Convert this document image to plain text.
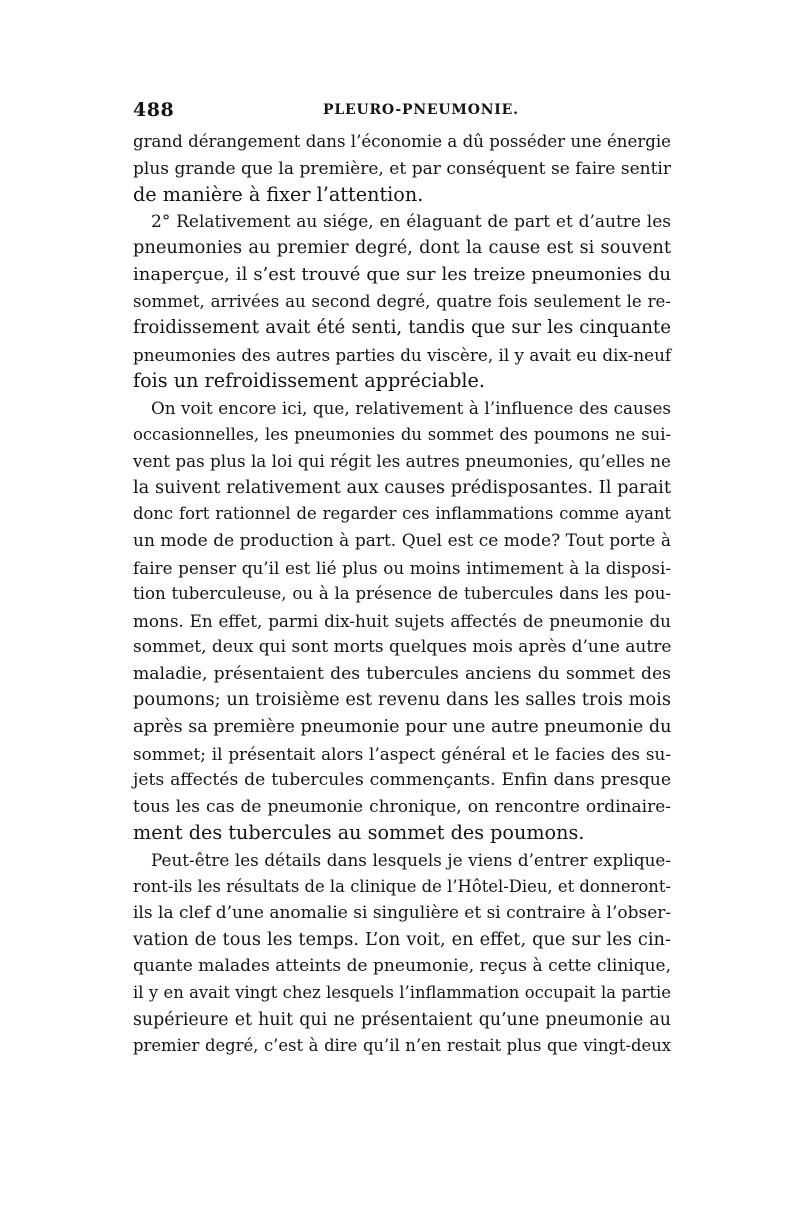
488	PLEURO-PNEUMONIE.
grand dérangement dans l’économie a dû posséder une énergie
plus grande que la première, et par conséquent se faire sentir
de manière à fixer l’attention.
2° Relativement au siége, en élaguant de part et d’autre les
pneumonies au premier degré, dont la cause est si souvent
inaperçue, il s’est trouvé que sur les treize pneumonies du
sommet, arrivées au second degré, quatre fois seulement le re-
froidissement avait été senti, tandis que sur les cinquante
pneumonies des autres parties du viscère, il y avait eu dix-neuf
fois un refroidissement appréciable.
On voit encore ici, que, relativement à l’influence des causes
occasionnelles, les pneumonies du sommet des poumons ne sui-
vent pas plus la loi qui régit les autres pneumonies, qu’elles ne
la suivent relativement aux causes prédisposantes. Il parait
donc fort rationnel de regarder ces inflammations comme ayant
un mode de production à part. Quel est ce mode? Tout porte à
faire penser qu’il est lié plus ou moins intimement à la disposi-
tion tuberculeuse, ou à la présence de tubercules dans les pou-
mons. En effet, parmi dix-huit sujets affectés de pneumonie du
sommet, deux qui sont morts quelques mois après d’une autre
maladie, présentaient des tubercules anciens du sommet des
poumons; un troisième est revenu dans les salles trois mois
après sa première pneumonie pour une autre pneumonie du
sommet; il présentait alors l’aspect général et le facies des su-
jets affectés de tubercules commençants. Enfin dans presque
tous les cas de pneumonie chronique, on rencontre ordinaire-
ment des tubercules au sommet des poumons.
Peut-être les détails dans lesquels je viens d’entrer explique-
ront-ils les résultats de la clinique de l’Hôtel-Dieu, et donneront-
ils la clef d’une anomalie si singulière et si contraire à l’obser-
vation de tous les temps. L’on voit, en effet, que sur les cin-
quante malades atteints de pneumonie, reçus à cette clinique,
il y en avait vingt chez lesquels l’inflammation occupait la partie
supérieure et huit qui ne présentaient qu’une pneumonie au
premier degré, c’est à dire qu’il n’en restait plus que vingt-deux
